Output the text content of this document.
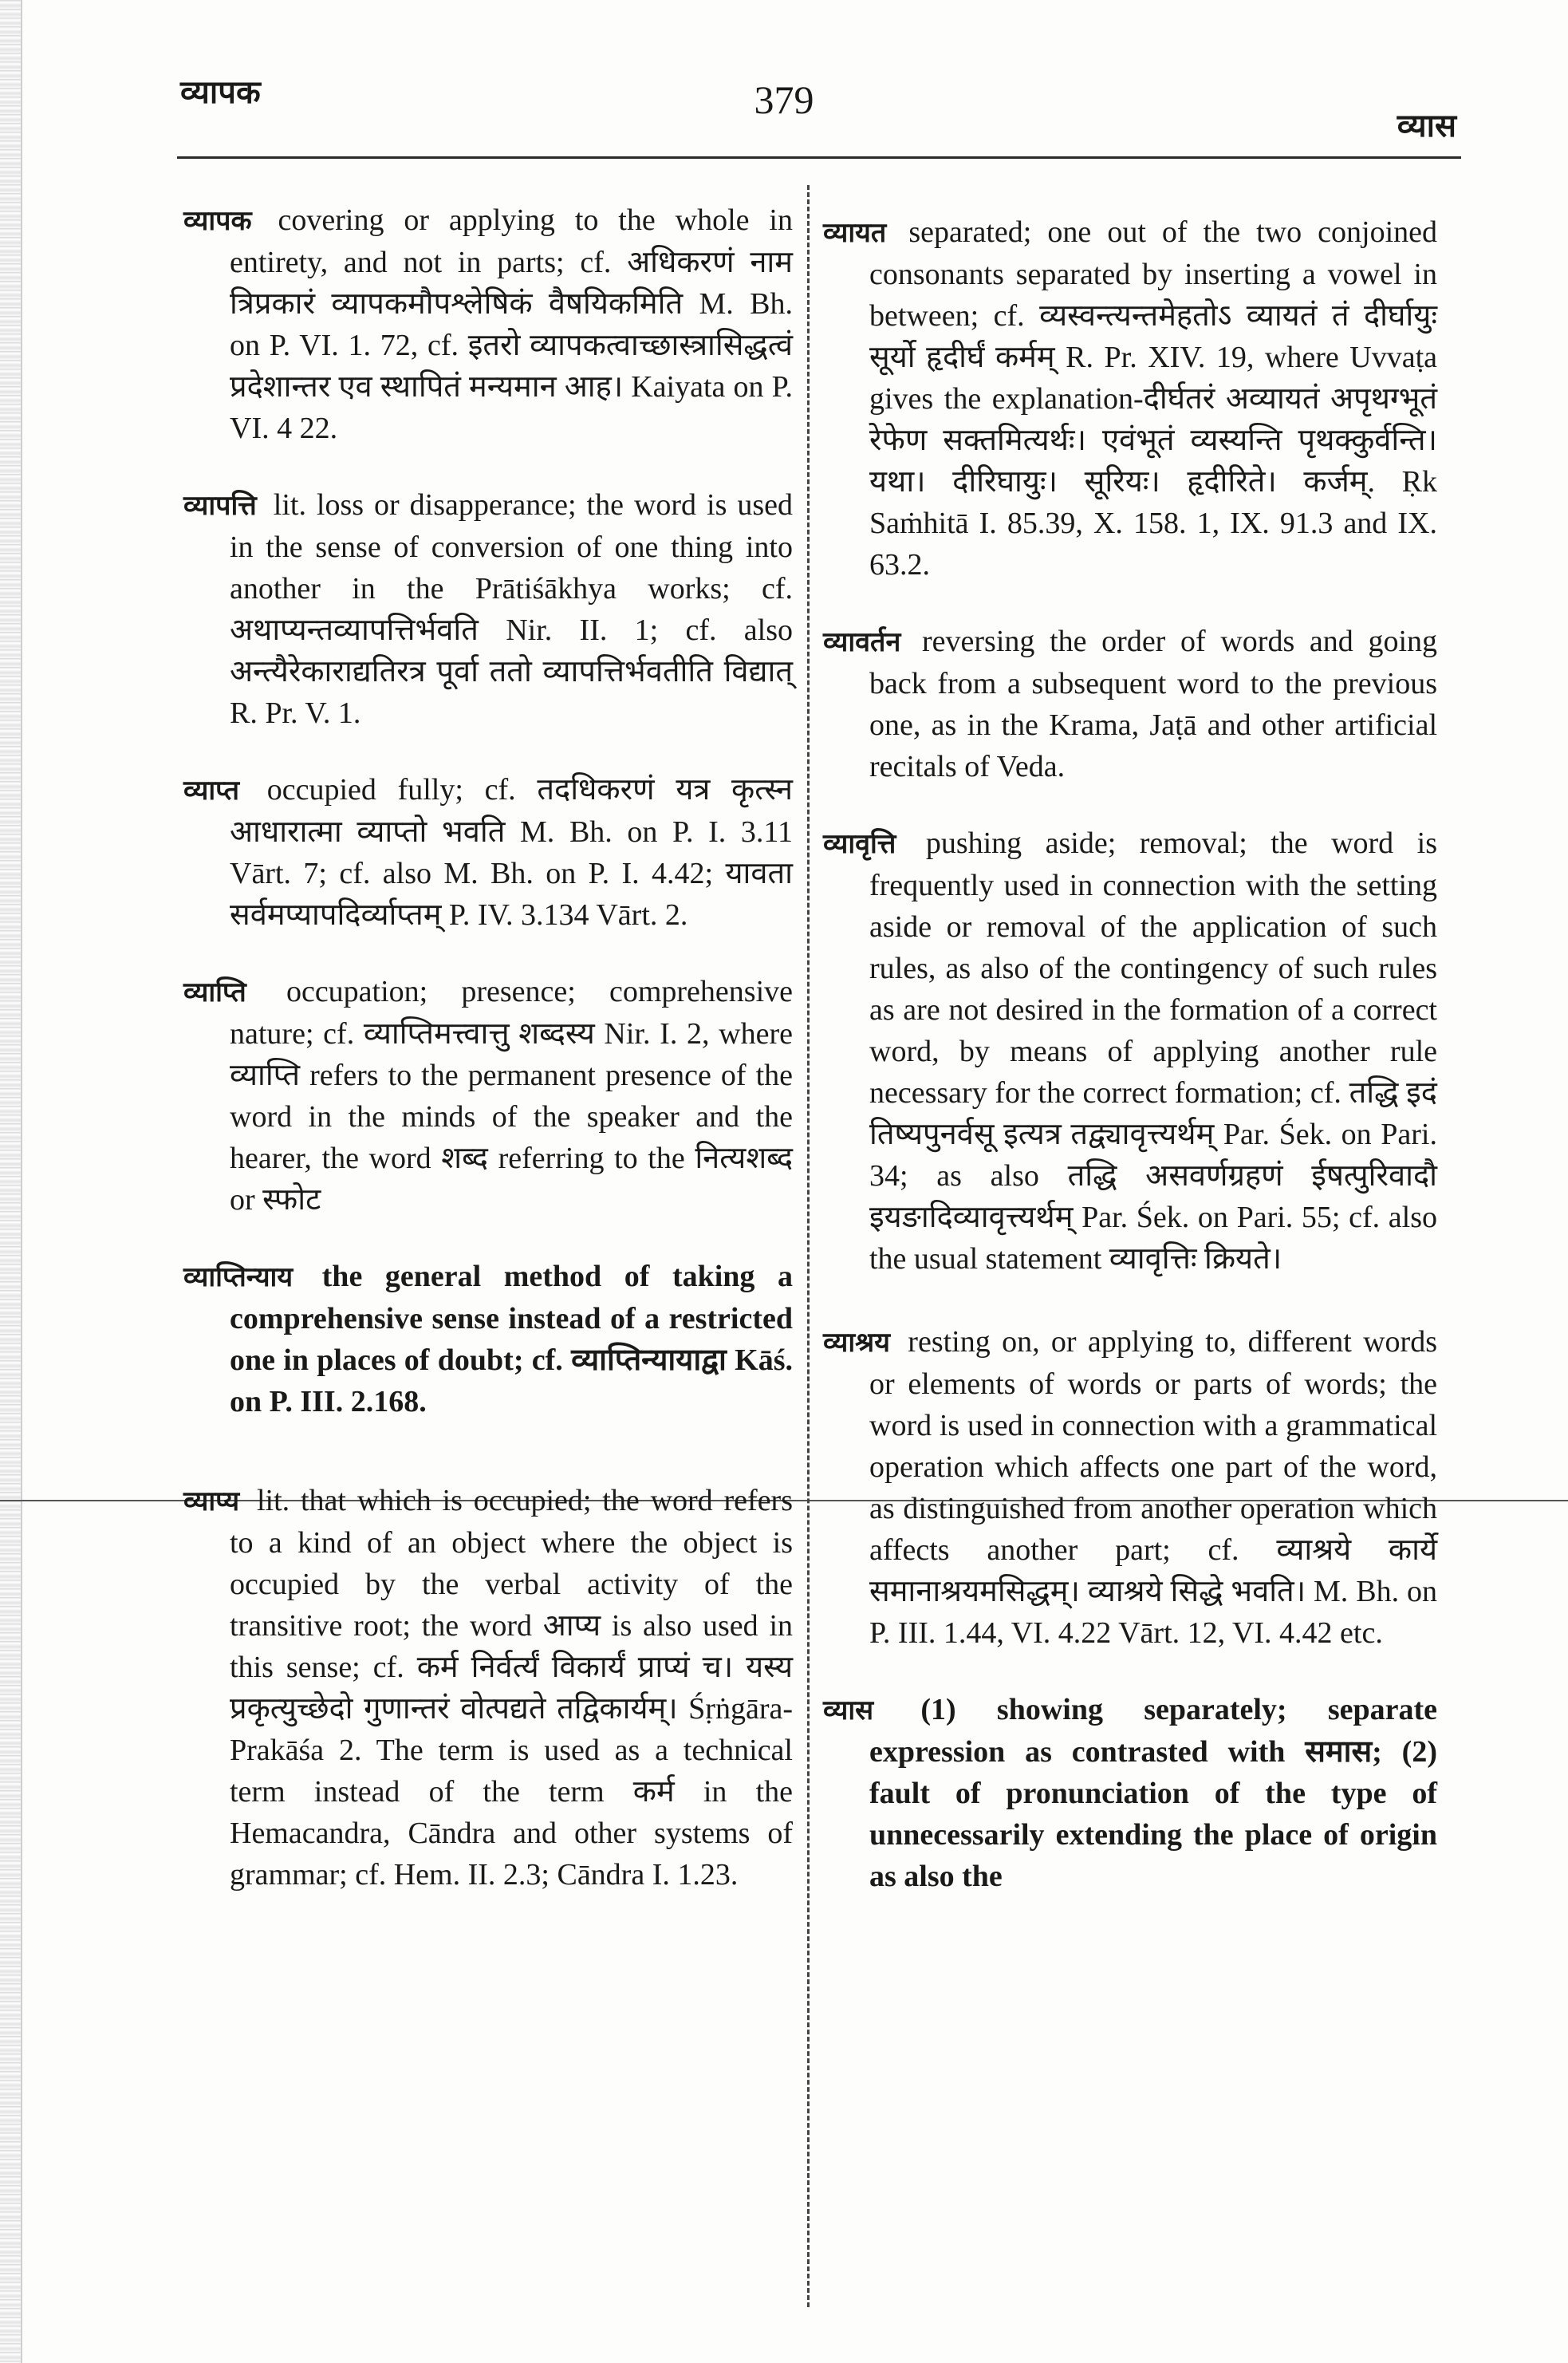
व्यापक	379
व्यास

व्यापक covering or applying to the whole in entirety, and not in parts; cf. अधिकरणं नाम त्रिप्रकारं व्यापकमौपश्लेषिकं वैषयिकमिति M. Bh. on P. VI. 1. 72, cf. इतरो व्यापकत्वाच्छास्त्रासिद्धत्वं प्रदेशान्तर एव स्थापितं मन्यमान आह। Kaiyata on P. VI. 4 22.

व्यापत्ति lit. loss or disapperance; the word is used in the sense of conversion of one thing into another in the Prātiśākhya works; cf. अथाप्यन्तव्यापत्तिर्भवति Nir. II. 1; cf. also अन्त्यैरेकाराद्यतिरत्र पूर्वा ततो व्यापत्तिर्भवतीति विद्यात् R. Pr. V. 1.

व्याप्त occupied fully; cf. तदधिकरणं यत्र कृत्स्न आधारात्मा व्याप्तो भवति M. Bh. on P. I. 3.11 Vārt. 7; cf. also M. Bh. on P. I. 4.42; यावता सर्वमप्यापदिर्व्याप्तम् P. IV. 3.134 Vārt. 2.

व्याप्ति occupation; presence; comprehensive nature; cf. व्याप्तिमत्त्वात्तु शब्दस्य Nir. I. 2, where व्याप्ति refers to the permanent presence of the word in the minds of the speaker and the hearer, the word शब्द referring to the नित्यशब्द or स्फोट

व्याप्तिन्याय the general method of taking a comprehensive sense instead of a restricted one in places of doubt; cf. व्याप्तिन्यायाद्वा Kāś. on P. III. 2.168.

व्याप्य lit. that which is occupied; the word refers to a kind of an object where the object is occupied by the verbal activity of the transitive root; the word आप्य is also used in this sense; cf. कर्म निर्वर्त्यं विकार्यं प्राप्यं च। यस्य प्रकृत्युच्छेदो गुणान्तरं वोत्पद्यते तद्विकार्यम्। Śṛṅgāra-Prakāśa 2. The term is used as a technical term instead of the term कर्म in the Hemacandra, Cāndra and other systems of grammar; cf. Hem. II. 2.3; Cāndra I. 1.23.

व्यायत separated; one out of the two conjoined consonants separated by inserting a vowel in between; cf. व्यस्वन्त्यन्तमेहतोऽ व्यायतं तं दीर्घायुः सूर्यो हृदीर्घं कर्मम् R. Pr. XIV. 19, where Uvvaṭa gives the explanation-दीर्घतरं अव्यायतं अपृथग्भूतं रेफेण सक्तमित्यर्थः। एवंभूतं व्यस्यन्ति पृथक्कुर्वन्ति। यथा। दीरिघायुः। सूरियः। हृदीरिते। कर्जम्. Ṛk Saṁhitā I. 85.39, X. 158. 1, IX. 91.3 and IX. 63.2.

व्यावर्तन reversing the order of words and going back from a subsequent word to the previous one, as in the Krama, Jaṭā and other artificial recitals of Veda.

व्यावृत्ति pushing aside; removal; the word is frequently used in connection with the setting aside or removal of the application of such rules, as also of the contingency of such rules as are not desired in the formation of a correct word, by means of applying another rule necessary for the correct formation; cf. तद्धि इदं तिष्यपुनर्वसू इत्यत्र तद्व्यावृत्त्यर्थम् Par. Śek. on Pari. 34; as also तद्धि असवर्णग्रहणं ईषत्पुरिवादौ इयङादिव्यावृत्त्यर्थम् Par. Śek. on Pari. 55; cf. also the usual statement व्यावृत्तिः क्रियते।

व्याश्रय resting on, or applying to, different words or elements of words or parts of words; the word is used in connection with a grammatical operation which affects one part of the word, as distinguished from another operation which affects another part; cf. व्याश्रये कार्ये समानाश्रयमसिद्धम्। व्याश्रये सिद्धे भवति। M. Bh. on P. III. 1.44, VI. 4.22 Vārt. 12, VI. 4.42 etc.

व्यास (1) showing separately; separate expression as contrasted with समास; (2) fault of pronunciation of the type of unnecessarily extending the place of origin as also the
